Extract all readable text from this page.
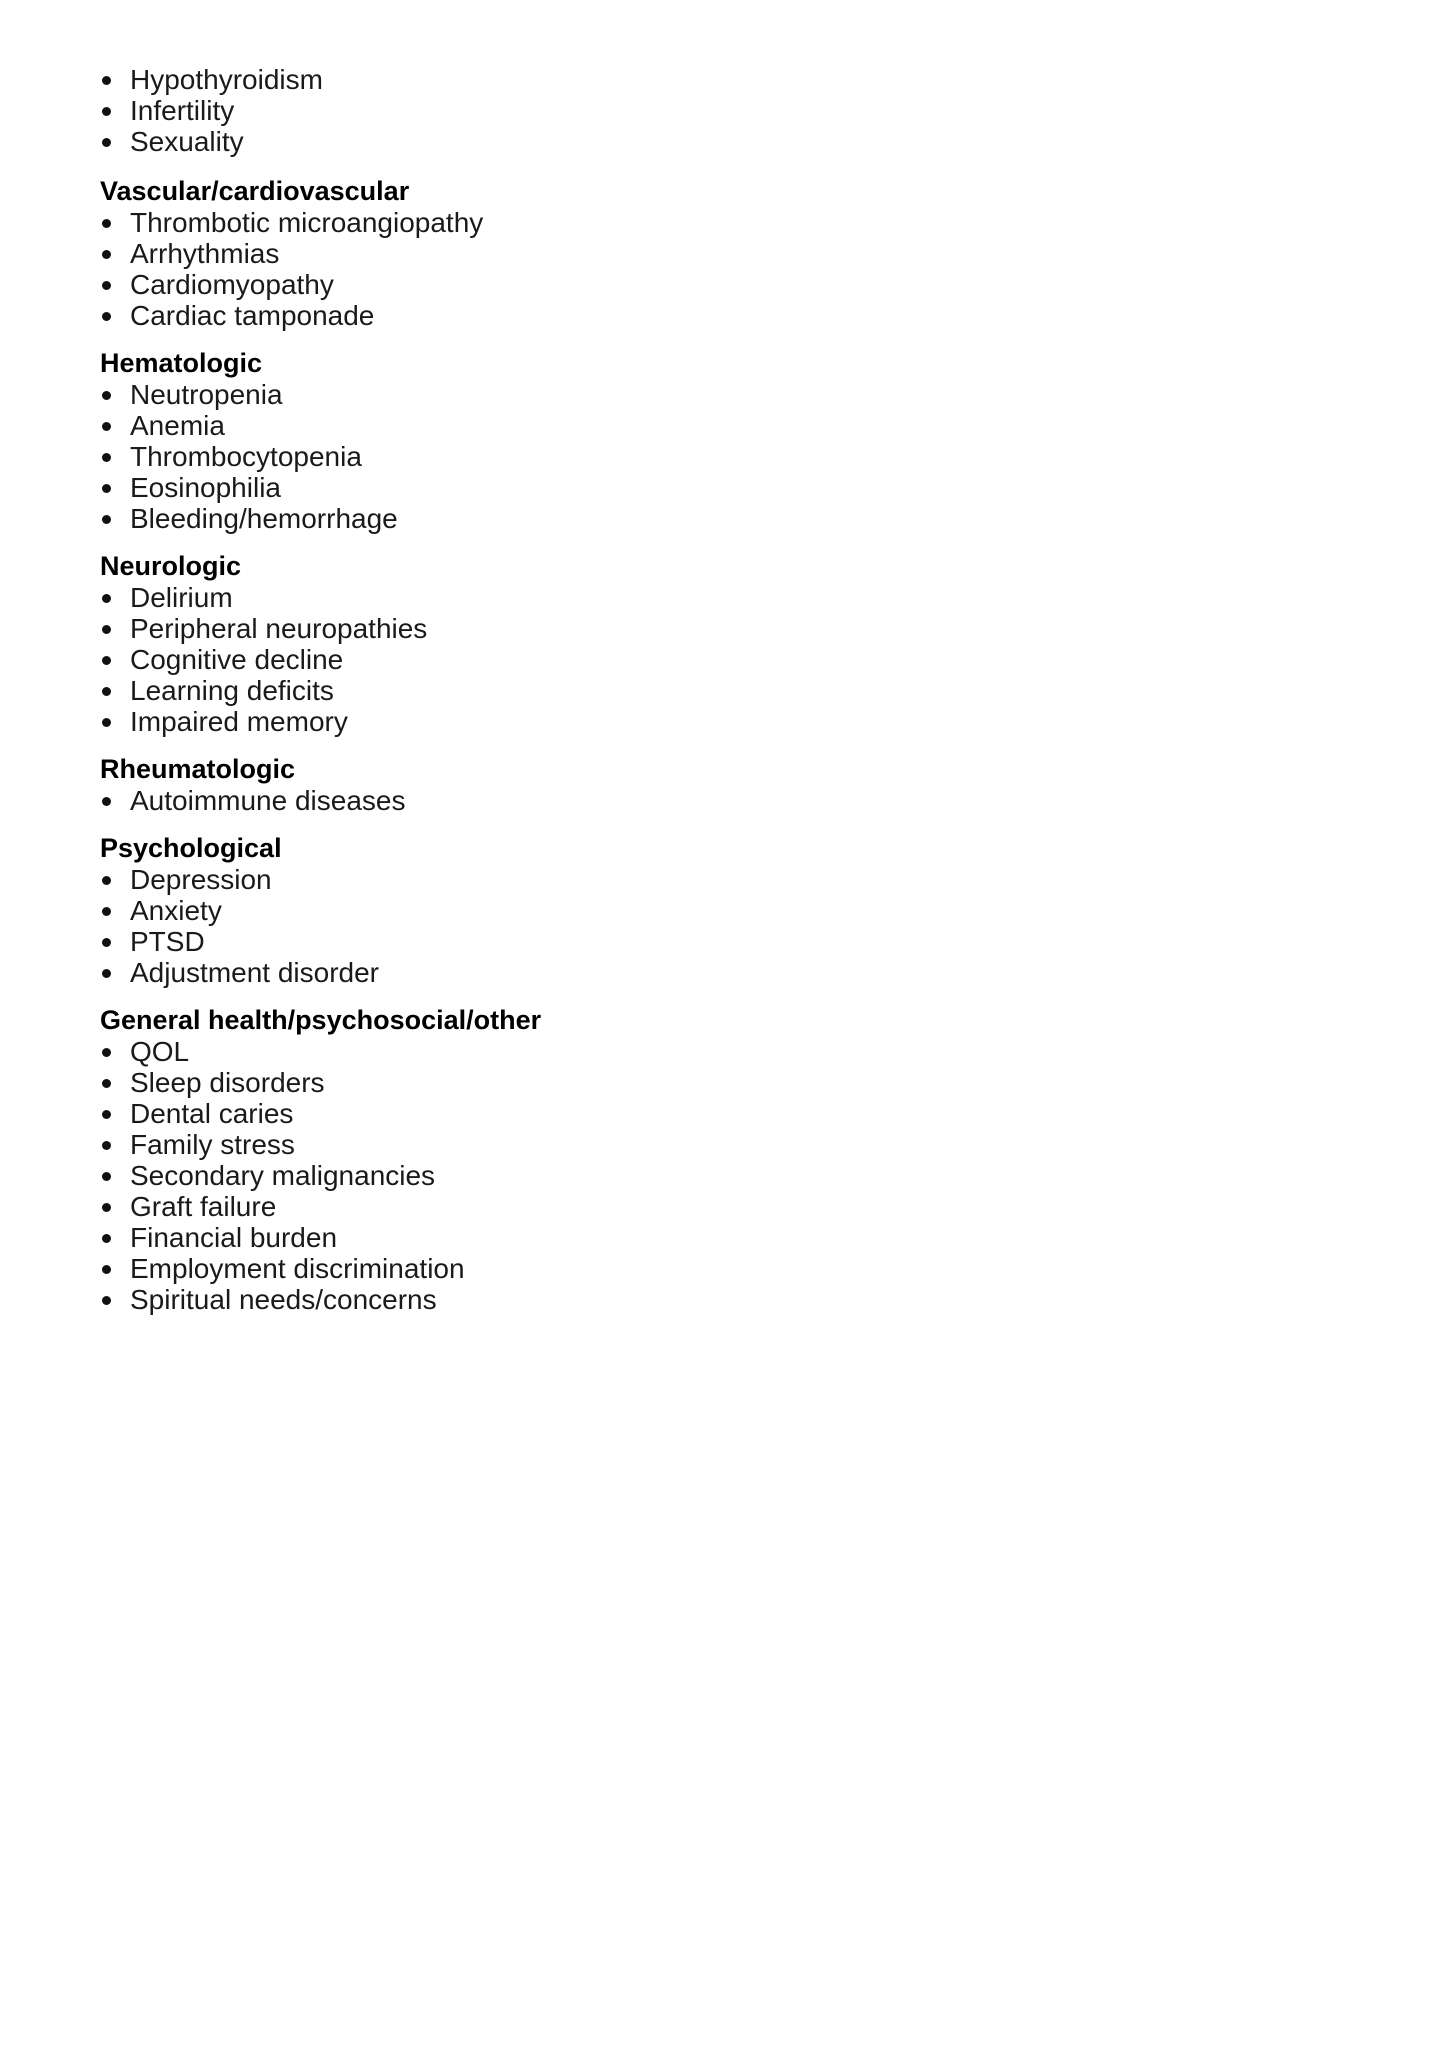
Hypothyroidism
Infertility
Sexuality
Vascular/cardiovascular
Thrombotic microangiopathy
Arrhythmias
Cardiomyopathy
Cardiac tamponade
Hematologic
Neutropenia
Anemia
Thrombocytopenia
Eosinophilia
Bleeding/hemorrhage
Neurologic
Delirium
Peripheral neuropathies
Cognitive decline
Learning deficits
Impaired memory
Rheumatologic
Autoimmune diseases
Psychological
Depression
Anxiety
PTSD
Adjustment disorder
General health/psychosocial/other
QOL
Sleep disorders
Dental caries
Family stress
Secondary malignancies
Graft failure
Financial burden
Employment discrimination
Spiritual needs/concerns
